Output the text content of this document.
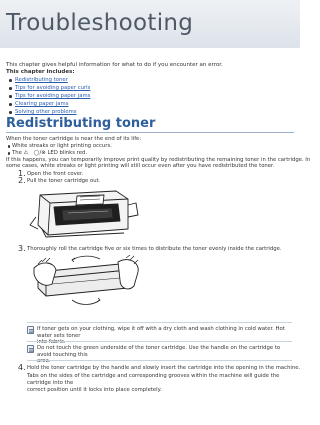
Troubleshooting
This chapter gives helpful information for what to do if you encounter an error.
This chapter includes:
Redistributing toner
Tips for avoiding paper curls
Tips for avoiding paper jams
Clearing paper jams
Solving other problems
Redistributing toner
When the toner cartridge is near the end of its life:
White streaks or light printing occurs.
The ⚠ ◯/⊗ LED blinks red.
If this happens, you can temporarily improve print quality by redistributing the remaining toner in the cartridge. In
some cases, white streaks or light printing will still occur even after you have redistributed the toner.
1. Open the front cover.
2. Pull the toner cartridge out.
3. Thoroughly roll the cartridge five or six times to distribute the toner evenly inside the cartridge.
If toner gets on your clothing, wipe it off with a dry cloth and wash clothing in cold water. Hot water sets toner
into fabric.
Do not touch the green underside of the toner cartridge. Use the handle on the cartridge to avoid touching this
area.
4. Hold the toner cartridge by the handle and slowly insert the cartridge into the opening in the machine.
Tabs on the sides of the cartridge and corresponding grooves within the machine will guide the cartridge into the
correct position until it locks into place completely.
